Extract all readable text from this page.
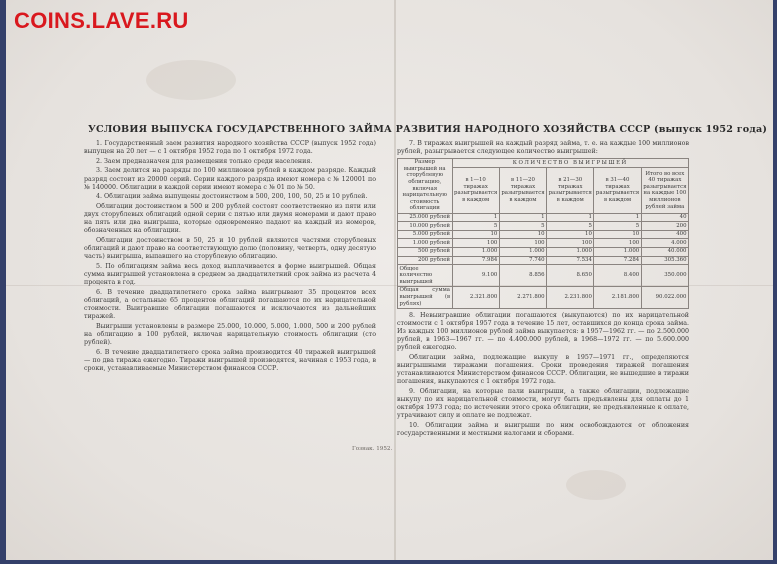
COINS.LAVE.RU
УСЛОВИЯ ВЫПУСКА ГОСУДАРСТВЕННОГО ЗАЙМА РАЗВИТИЯ НАРОДНОГО ХОЗЯЙСТВА СССР (выпуск 1952 года)

1. Государственный заем развития народного хозяйства СССР (выпуск 1952 года) выпущен на 20 лет — с 1 октября 1952 года по 1 октября 1972 года.

2. Заем предназначен для размещения только среди населения.

3. Заем делится на разряды по 100 миллионов рублей в каждом разряде. Каждый разряд состоит из 20000 серий. Серии каждого разряда имеют номера с № 120001 по № 140000. Облигации в каждой серии имеют номера с № 01 по № 50.

4. Облигации займа выпущены достоинством в 500, 200, 100, 50, 25 и 10 рублей.

Облигации достоинством в 500 и 200 рублей состоят соответственно из пяти или двух сторублевых облигаций одной серии с пятью или двумя номерами и дают право на пять или два выигрыша, которые одновременно падают на каждый из номеров, обозначенных на облигации.

Облигации достоинством в 50, 25 и 10 рублей являются частями сторублевых облигаций и дают право на соответствующую долю (половину, четверть, одну десятую часть) выигрыша, выпавшего на сторублевую облигацию.

5. По облигациям займа весь доход выплачивается в форме выигрышей. Общая сумма выигрышей установлена в среднем за двадцатилетний срок займа из расчета 4 процента в год.

6. В течение двадцатилетнего срока займа выигрывают 35 процентов всех облигаций, а остальные 65 процентов облигаций погашаются по их нарицательной стоимости. Выигравшие облигации погашаются и исключаются из дальнейших тиражей.

Выигрыши установлены в размере 25.000, 10.000, 5.000, 1.000, 500 и 200 рублей на облигацию в 100 рублей, включая нарицательную стоимость облигации (сто рублей).

6. В течение двадцатилетнего срока займа производится 40 тиражей выигрышей — по два тиража ежегодно. Тиражи выигрышей производятся, начиная с 1953 года, в сроки, устанавливаемые Министерством финансов СССР.

7. В тиражах выигрышей на каждый разряд займа, т. е. на каждые 100 миллионов рублей, разыгрывается следующее количество выигрышей:

Размер выигрышей на сторублевую облигацию, включая нарицательную стоимость облигации	КОЛИЧЕСТВО ВЫИГРЫШЕЙ				
	в 1—10 тиражах разыгрывается в каждом	в 11—20 тиражах разыгрывается в каждом	в 21—30 тиражах разыгрывается в каждом	в 31—40 тиражах разыгрывается в каждом	Итого во всех 40 тиражах разыгрывается на каждые 100 миллионов рублей займа
25.000 рублей	1	1	1	1	40
10.000 рублей	5	5	5	5	200
5.000 рублей	10	10	10	10	400
1.000 рублей	100	100	100	100	4.000
500 рублей	1.000	1.000	1.000	1.000	40.000
200 рублей	7.984	7.740	7.534	7.284	305.360
Общее количество выигрышей	9.100	8.856	8.650	8.400	350.000
Общая сумма выигрышей (в рублях)	2.321.800	2.271.800	2.231.800	2.181.800	90.022.000

8. Невыигравшие облигации погашаются (выкупаются) по их нарицательной стоимости с 1 октября 1957 года в течение 15 лет, оставшихся до конца срока займа. Из каждых 100 миллионов рублей займа выкупается: в 1957—1962 гг. — по 2.500.000 рублей, в 1963—1967 гг. — по 4.400.000 рублей, в 1968—1972 гг. — по 5.600.000 рублей ежегодно.

Облигации займа, подлежащие выкупу в 1957—1971 гг., определяются выигрышными тиражами погашения. Сроки проведения тиражей погашения устанавливаются Министерством финансов СССР. Облигации, не вышедшие в тиражи погашения, выкупаются с 1 октября 1972 года.

9. Облигации, на которые пали выигрыши, а также облигации, подлежащие выкупу по их нарицательной стоимости, могут быть предъявлены для оплаты до 1 октября 1973 года; по истечении этого срока облигации, не предъявленные к оплате, утрачивают силу и оплате не подлежат.

10. Облигации займа и выигрыши по ним освобождаются от обложения государственными и местными налогами и сборами.

Гознак. 1952.
